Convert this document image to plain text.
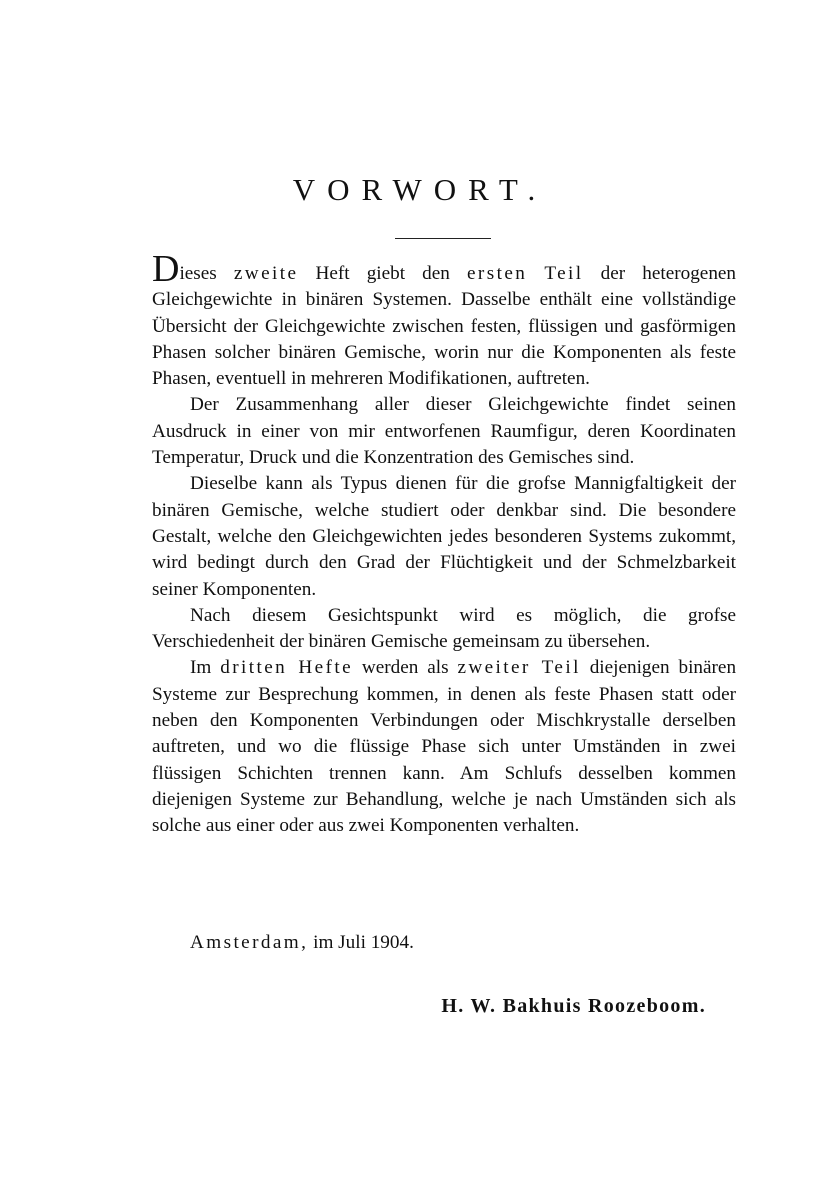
VORWORT.

Dieses zweite Heft giebt den ersten Teil der heterogenen Gleichgewichte in binären Systemen. Dasselbe enthält eine vollständige Übersicht der Gleichgewichte zwischen festen, flüssigen und gasförmigen Phasen solcher binären Gemische, worin nur die Komponenten als feste Phasen, eventuell in mehreren Modifikationen, auftreten.

Der Zusammenhang aller dieser Gleichgewichte findet seinen Ausdruck in einer von mir entworfenen Raumfigur, deren Koordinaten Temperatur, Druck und die Konzentration des Gemisches sind.

Dieselbe kann als Typus dienen für die grofse Mannigfaltigkeit der binären Gemische, welche studiert oder denkbar sind. Die besondere Gestalt, welche den Gleichgewichten jedes besonderen Systems zukommt, wird bedingt durch den Grad der Flüchtigkeit und der Schmelzbarkeit seiner Komponenten.

Nach diesem Gesichtspunkt wird es möglich, die grofse Verschiedenheit der binären Gemische gemeinsam zu übersehen.

Im dritten Hefte werden als zweiter Teil diejenigen binären Systeme zur Besprechung kommen, in denen als feste Phasen statt oder neben den Komponenten Verbindungen oder Mischkrystalle derselben auftreten, und wo die flüssige Phase sich unter Umständen in zwei flüssigen Schichten trennen kann. Am Schlufs desselben kommen diejenigen Systeme zur Behandlung, welche je nach Umständen sich als solche aus einer oder aus zwei Komponenten verhalten.

Amsterdam, im Juli 1904.
H. W. Bakhuis Roozeboom.
